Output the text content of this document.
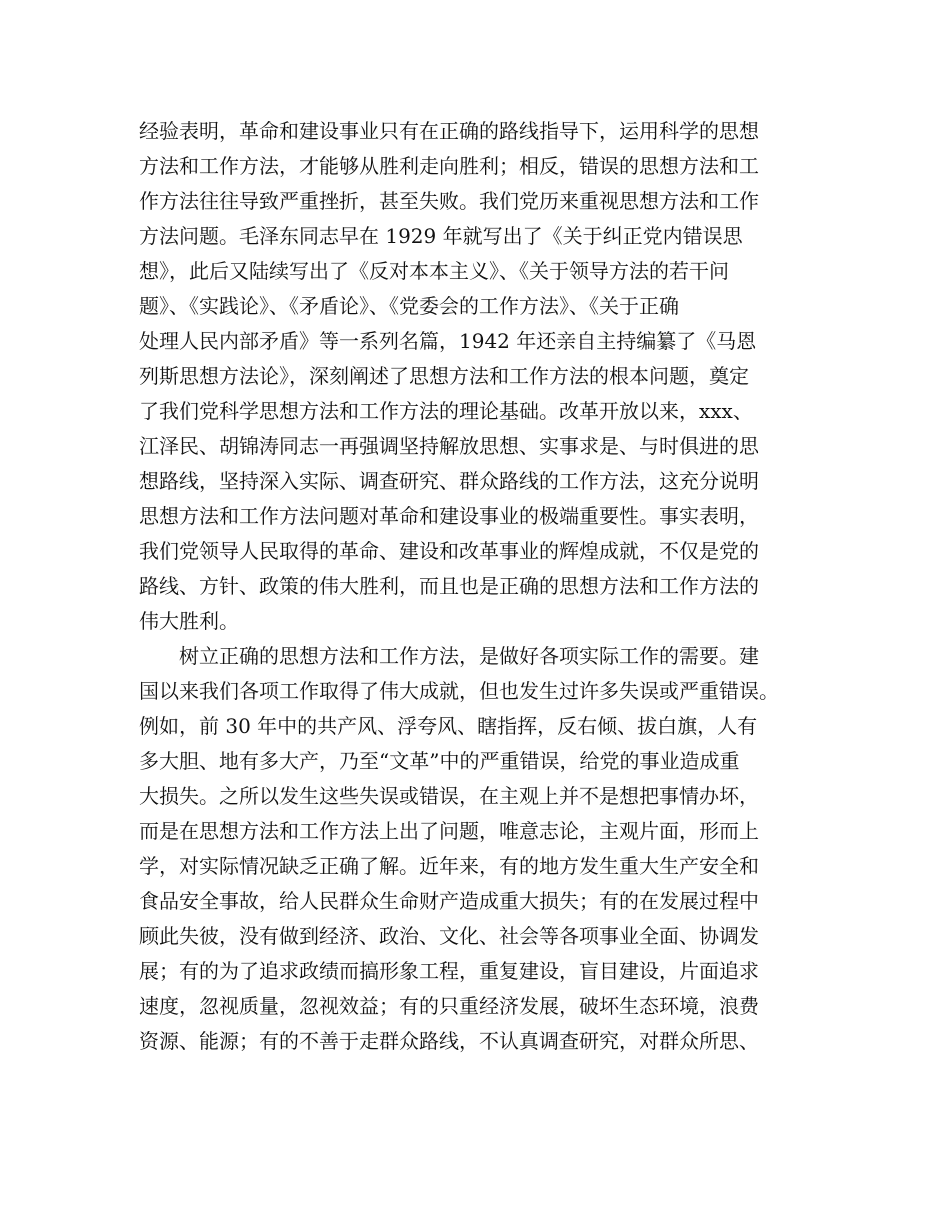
经验表明，革命和建设事业只有在正确的路线指导下，运用科学的思想
方法和工作方法，才能够从胜利走向胜利；相反，错误的思想方法和工
作方法往往导致严重挫折，甚至失败。我们党历来重视思想方法和工作
方法问题。毛泽东同志早在 1929 年就写出了《关于纠正党内错误思
想》，此后又陆续写出了《反对本本主义》、《关于领导方法的若干问
题》、《实践论》、《矛盾论》、《党委会的工作方法》、《关于正确
处理人民内部矛盾》等一系列名篇，1942 年还亲自主持编纂了《马恩
列斯思想方法论》，深刻阐述了思想方法和工作方法的根本问题，奠定
了我们党科学思想方法和工作方法的理论基础。改革开放以来，xxx、
江泽民、胡锦涛同志一再强调坚持解放思想、实事求是、与时俱进的思
想路线，坚持深入实际、调查研究、群众路线的工作方法，这充分说明
思想方法和工作方法问题对革命和建设事业的极端重要性。事实表明，
我们党领导人民取得的革命、建设和改革事业的辉煌成就，不仅是党的
路线、方针、政策的伟大胜利，而且也是正确的思想方法和工作方法的
伟大胜利。
　　树立正确的思想方法和工作方法，是做好各项实际工作的需要。建
国以来我们各项工作取得了伟大成就，但也发生过许多失误或严重错误。
例如，前 30 年中的共产风、浮夸风、瞎指挥，反右倾、拔白旗，人有
多大胆、地有多大产，乃至“文革”中的严重错误，给党的事业造成重
大损失。之所以发生这些失误或错误，在主观上并不是想把事情办坏，
而是在思想方法和工作方法上出了问题，唯意志论，主观片面，形而上
学，对实际情况缺乏正确了解。近年来，有的地方发生重大生产安全和
食品安全事故，给人民群众生命财产造成重大损失；有的在发展过程中
顾此失彼，没有做到经济、政治、文化、社会等各项事业全面、协调发
展；有的为了追求政绩而搞形象工程，重复建设，盲目建设，片面追求
速度，忽视质量，忽视效益；有的只重经济发展，破坏生态环境，浪费
资源、能源；有的不善于走群众路线，不认真调查研究，对群众所思、
